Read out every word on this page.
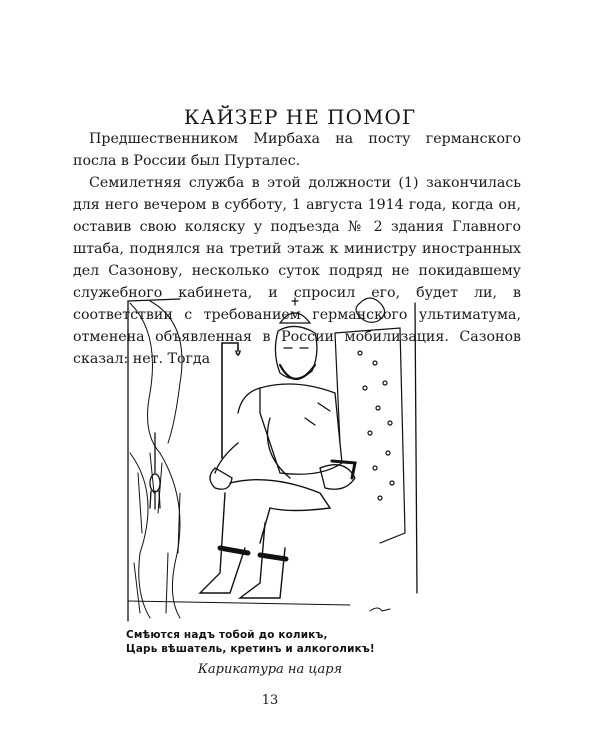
КАЙЗЕР НЕ ПОМОГ

Предшественником Мирбаха на посту германского посла в России был Пурталес.

Семилетняя служба в этой должности (1) закончилась для него вечером в субботу, 1 августа 1914 года, когда он, оставив свою коляску у подъезда № 2 здания Главного штаба, поднялся на третий этаж к министру иностранных дел Сазонову, несколько суток подряд не покидавшему служебного кабинета, и спросил его, будет ли, в соответствии с требованием германского ультиматума, отменена объявленная в России мобилизация. Сазонов сказал: нет. Тогда

Смѣются надъ тобой до коликъ,
Царь вѣшатель, кретинъ и алкоголикъ!
Карикатура на царя
13
